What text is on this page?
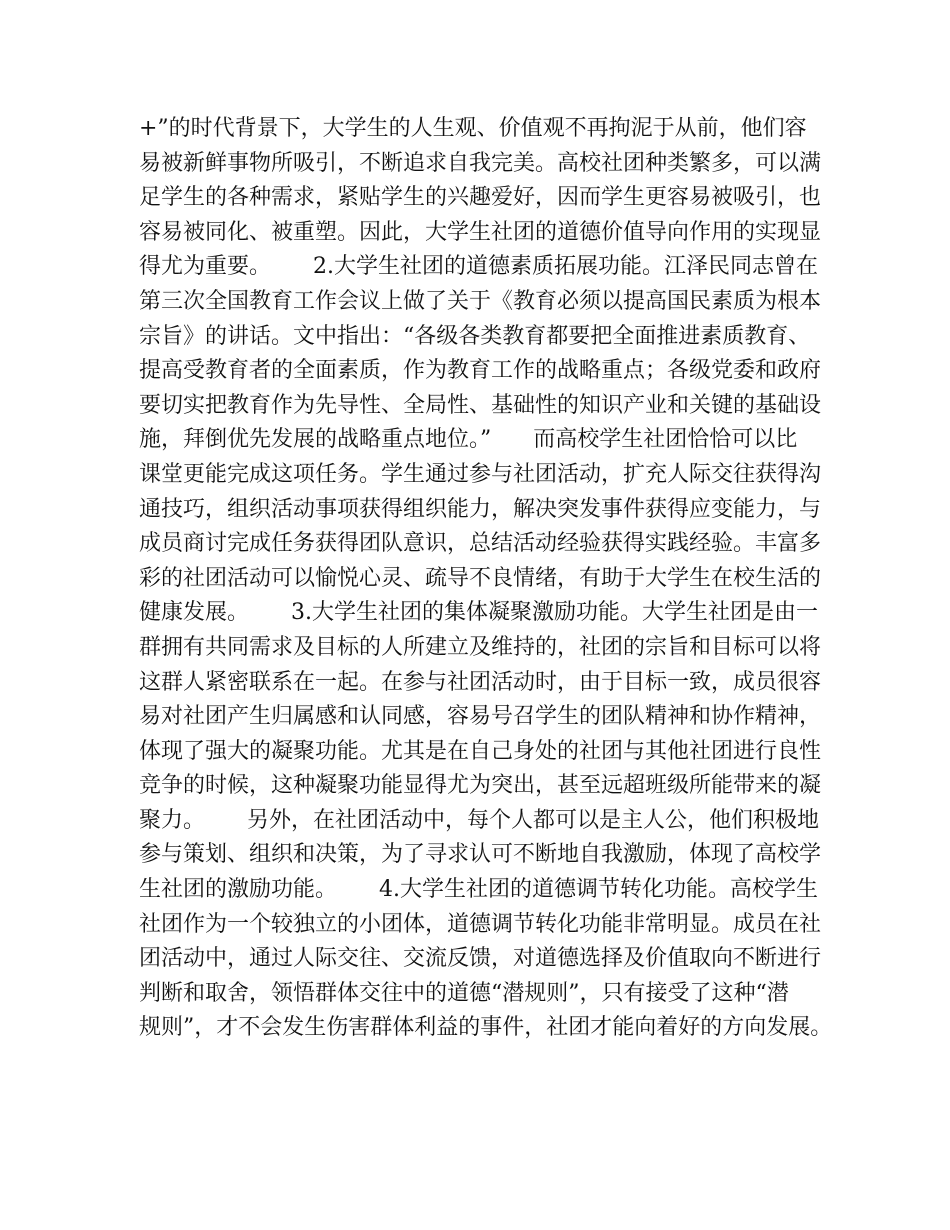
+”的时代背景下，大学生的人生观、价值观不再拘泥于从前，他们容
易被新鲜事物所吸引，不断追求自我完美。高校社团种类繁多，可以满
足学生的各种需求，紧贴学生的兴趣爱好，因而学生更容易被吸引，也
容易被同化、被重塑。因此，大学生社团的道德价值导向作用的实现显
得尤为重要。      2.大学生社团的道德素质拓展功能。江泽民同志曾在
第三次全国教育工作会议上做了关于《教育必须以提高国民素质为根本
宗旨》的讲话。文中指出：“各级各类教育都要把全面推进素质教育、
提高受教育者的全面素质，作为教育工作的战略重点；各级党委和政府
要切实把教育作为先导性、全局性、基础性的知识产业和关键的基础设
施，拜倒优先发展的战略重点地位。”      而高校学生社团恰恰可以比
课堂更能完成这项任务。学生通过参与社团活动，扩充人际交往获得沟
通技巧，组织活动事项获得组织能力，解决突发事件获得应变能力，与
成员商讨完成任务获得团队意识，总结活动经验获得实践经验。丰富多
彩的社团活动可以愉悦心灵、疏导不良情绪，有助于大学生在校生活的
健康发展。      3.大学生社团的集体凝聚激励功能。大学生社团是由一
群拥有共同需求及目标的人所建立及维持的，社团的宗旨和目标可以将
这群人紧密联系在一起。在参与社团活动时，由于目标一致，成员很容
易对社团产生归属感和认同感，容易号召学生的团队精神和协作精神，
体现了强大的凝聚功能。尤其是在自己身处的社团与其他社团进行良性
竞争的时候，这种凝聚功能显得尤为突出，甚至远超班级所能带来的凝
聚力。      另外，在社团活动中，每个人都可以是主人公，他们积极地
参与策划、组织和决策，为了寻求认可不断地自我激励，体现了高校学
生社团的激励功能。      4.大学生社团的道德调节转化功能。高校学生
社团作为一个较独立的小团体，道德调节转化功能非常明显。成员在社
团活动中，通过人际交往、交流反馈，对道德选择及价值取向不断进行
判断和取舍，领悟群体交往中的道德“潜规则”，只有接受了这种“潜
规则”，才不会发生伤害群体利益的事件，社团才能向着好的方向发展。
